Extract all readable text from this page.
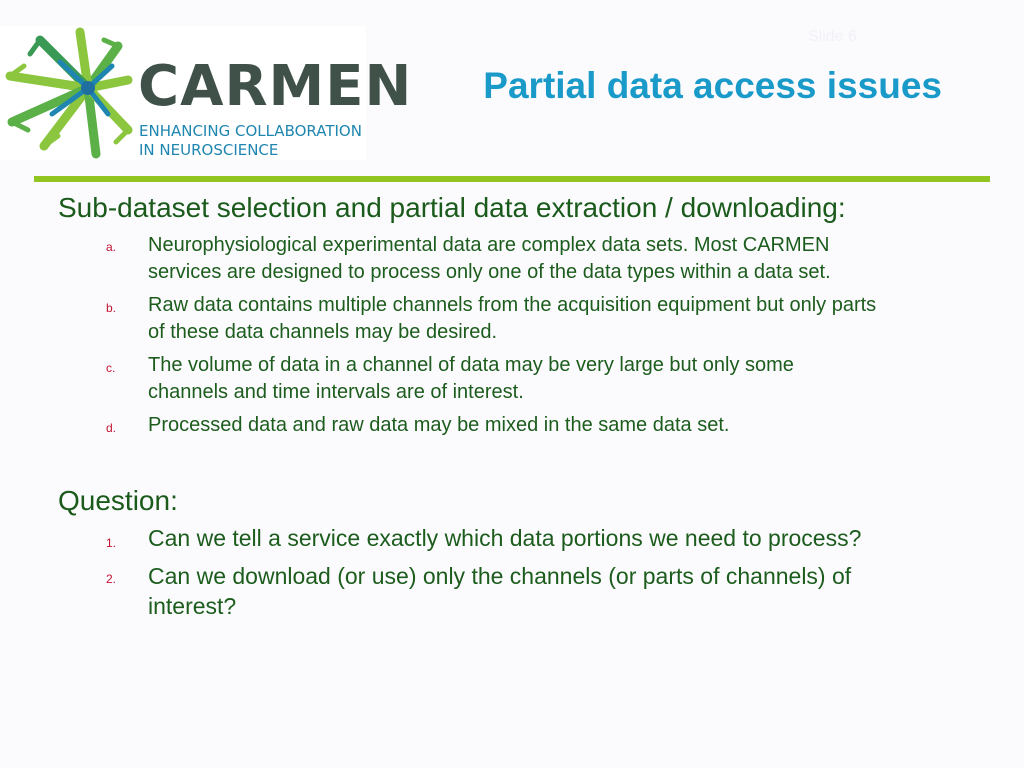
CARMEN
ENHANCING COLLABORATION
IN NEUROSCIENCE
Slide 6
Partial data access issues
Sub-dataset selection and partial data extraction / downloading:
a. Neurophysiological experimental data are complex data sets. Most CARMEN
services are designed to process only one of the data types within a data set.
b. Raw data contains multiple channels from the acquisition equipment but only parts
of these data channels may be desired.
c. The volume of data in a channel of data may be very large but only some
channels and time intervals are of interest.
d. Processed data and raw data may be mixed in the same data set.
Question:
1. Can we tell a service exactly which data portions we need to process?
2. Can we download (or use) only the channels (or parts of channels) of
interest?
